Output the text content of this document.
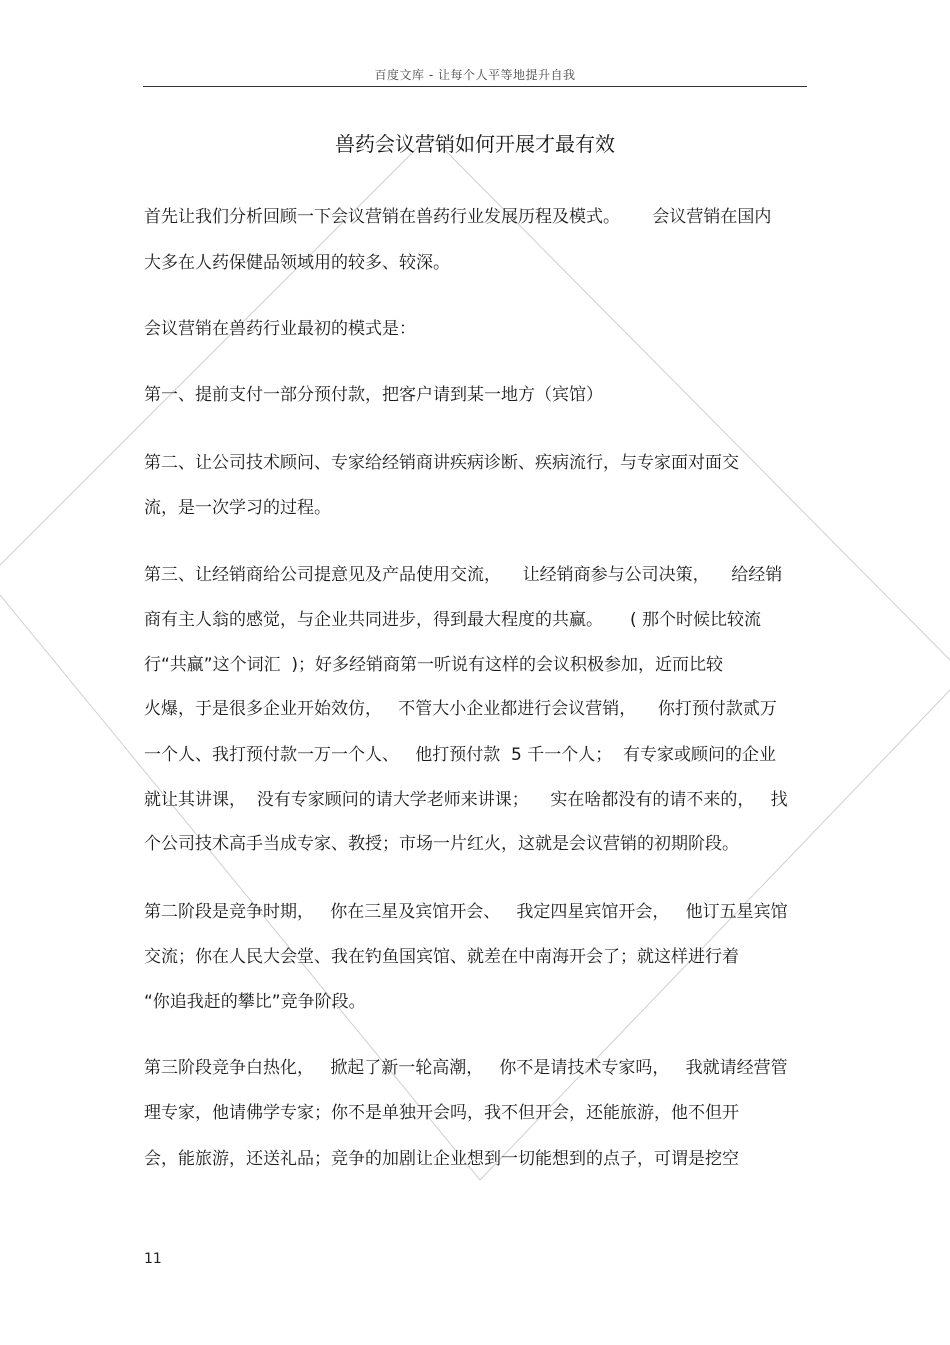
百度文库 - 让每个人平等地提升自我
兽药会议营销如何开展才最有效
首先让我们分析回顾一下会议营销在兽药行业发展历程及模式。      会议营销在国内
大多在人药保健品领域用的较多、较深。
会议营销在兽药行业最初的模式是：
第一、提前支付一部分预付款，把客户请到某一地方（宾馆）
第二、让公司技术顾问、专家给经销商讲疾病诊断、疾病流行，与专家面对面交
流，是一次学习的过程。
第三、让经销商给公司提意见及产品使用交流，    让经销商参与公司决策，    给经销
商有主人翁的感觉，与企业共同进步，得到最大程度的共赢。     ( 那个时候比较流
行“共赢”这个词汇  )；好多经销商第一听说有这样的会议积极参加，近而比较
火爆，于是很多企业开始效仿，   不管大小企业都进行会议营销，    你打预付款贰万
一个人、我打预付款一万一个人、   他打预付款  5 千一个人；  有专家或顾问的企业
就让其讲课，  没有专家顾问的请大学老师来讲课；    实在啥都没有的请不来的，   找
个公司技术高手当成专家、教授；市场一片红火，这就是会议营销的初期阶段。
第二阶段是竞争时期，   你在三星及宾馆开会、   我定四星宾馆开会，   他订五星宾馆
交流；你在人民大会堂、我在钓鱼国宾馆、就差在中南海开会了；就这样进行着
“你追我赶的攀比”竞争阶段。
第三阶段竞争白热化，   掀起了新一轮高潮，   你不是请技术专家吗，   我就请经营管
理专家，他请佛学专家；你不是单独开会吗，我不但开会，还能旅游，他不但开
会，能旅游，还送礼品；竞争的加剧让企业想到一切能想到的点子，可谓是挖空
11
